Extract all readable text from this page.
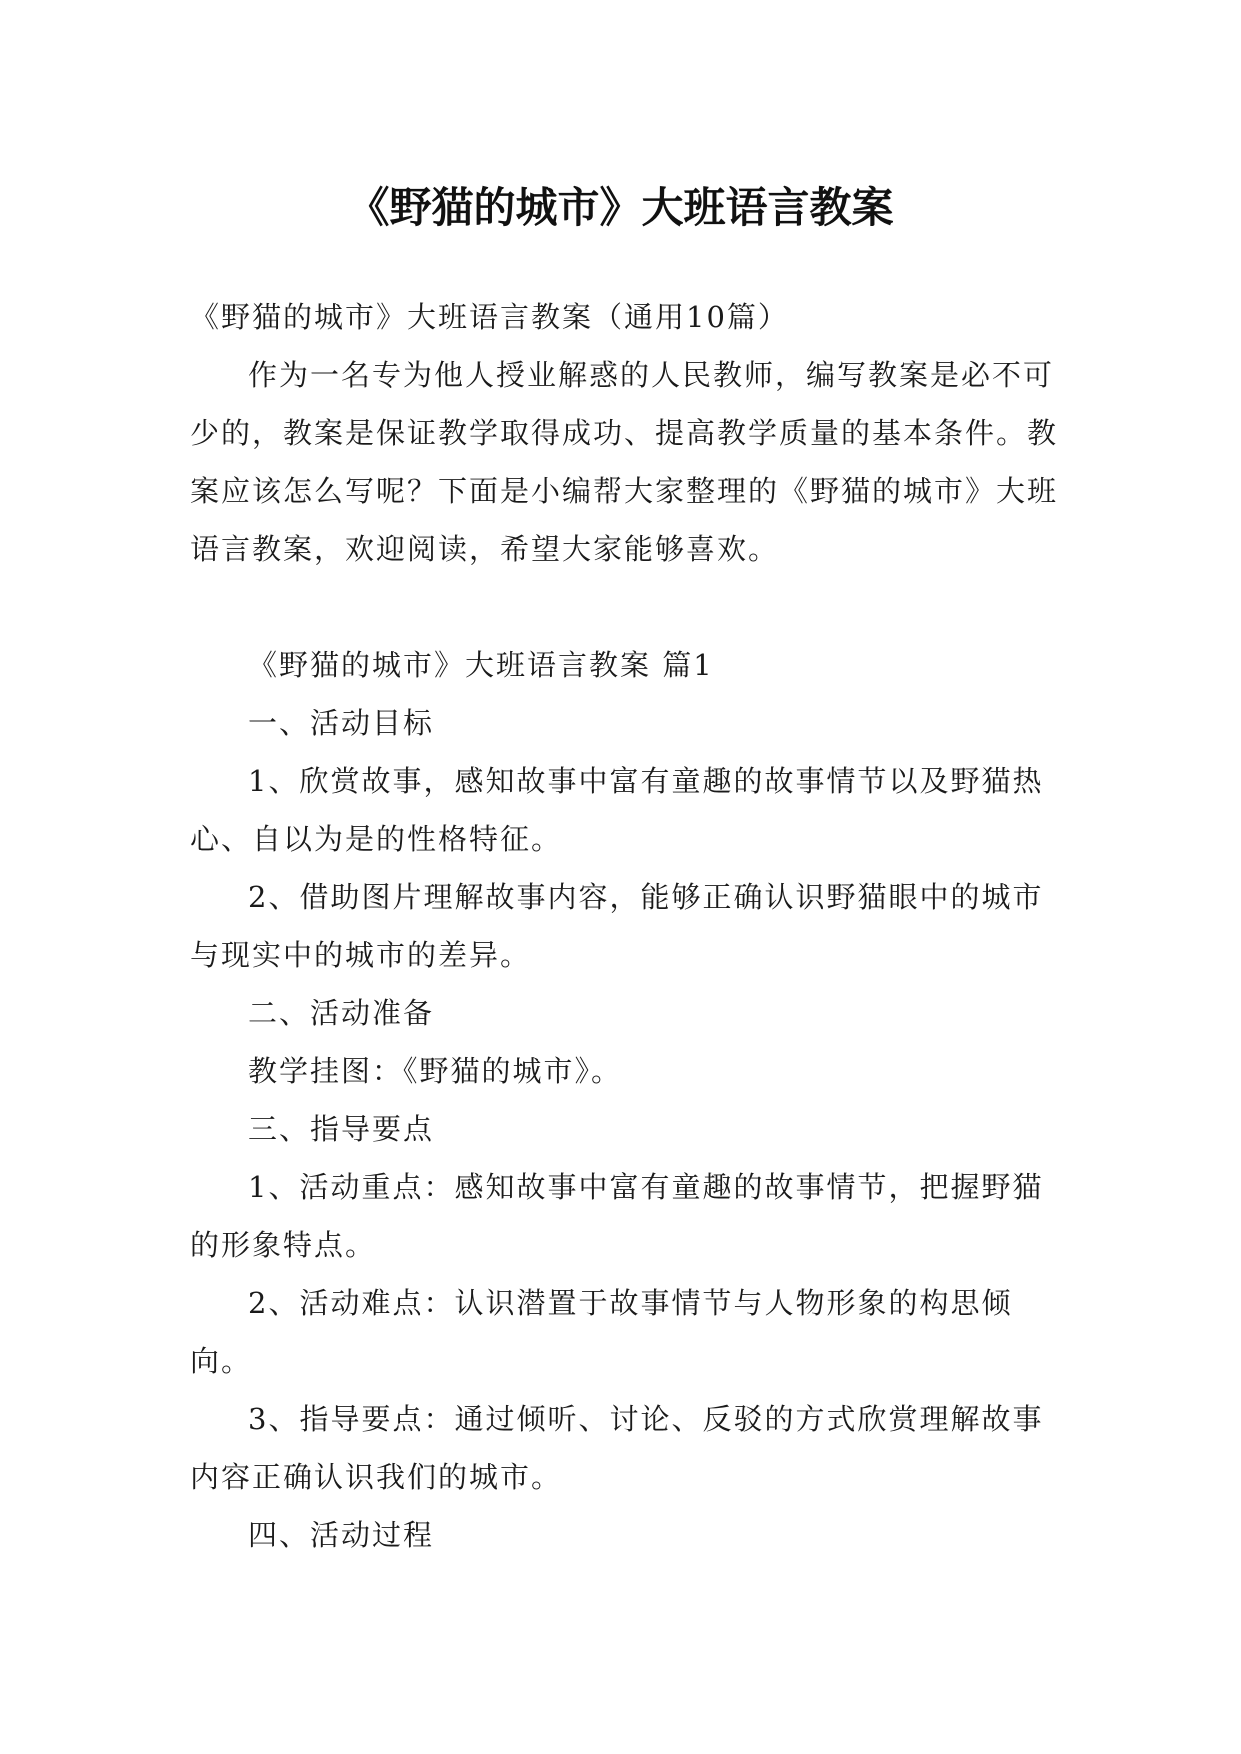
《野猫的城市》大班语言教案

《野猫的城市》大班语言教案（通用10篇）

作为一名专为他人授业解惑的人民教师，编写教案是必不可少的，教案是保证教学取得成功、提高教学质量的基本条件。教案应该怎么写呢？下面是小编帮大家整理的《野猫的城市》大班语言教案，欢迎阅读，希望大家能够喜欢。

《野猫的城市》大班语言教案 篇1

一、活动目标

1、欣赏故事，感知故事中富有童趣的故事情节以及野猫热心、自以为是的性格特征。

2、借助图片理解故事内容，能够正确认识野猫眼中的城市与现实中的城市的差异。

二、活动准备

教学挂图：《野猫的城市》。

三、指导要点

1、活动重点：感知故事中富有童趣的故事情节，把握野猫的形象特点。

2、活动难点：认识潜置于故事情节与人物形象的构思倾向。

3、指导要点：通过倾听、讨论、反驳的方式欣赏理解故事内容正确认识我们的城市。

四、活动过程
